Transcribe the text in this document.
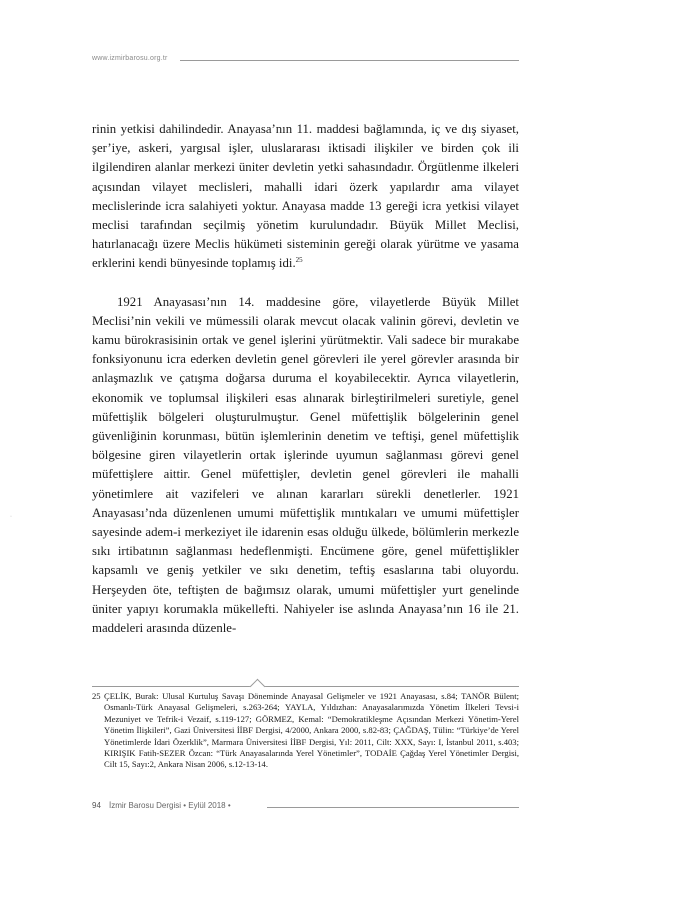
www.izmirbarosu.org.tr

rinin yetkisi dahilindedir. Anayasa’nın 11. maddesi bağlamında, iç ve dış siyaset, şer’iye, askeri, yargısal işler, uluslararası iktisadi ilişkiler ve birden çok ili ilgilendiren alanlar merkezi üniter devletin yetki sahasındadır. Örgütlenme ilkeleri açısından vilayet meclisleri, mahalli idari özerk yapılardır ama vilayet meclislerinde icra salahiyeti yoktur. Anayasa madde 13 gereği icra yetkisi vilayet meclisi tarafından seçilmiş yönetim kurulundadır. Büyük Millet Meclisi, hatırlanacağı üzere Meclis hükümeti sisteminin gereği olarak yürütme ve yasama erklerini kendi bünyesinde toplamış idi.$^{25}$

1921 Anayasası’nın 14. maddesine göre, vilayetlerde Büyük Millet Meclisi’nin vekili ve mümessili olarak mevcut olacak valinin görevi, devletin ve kamu bürokrasisinin ortak ve genel işlerini yürütmektir. Vali sadece bir murakabe fonksiyonunu icra ederken devletin genel görevleri ile yerel görevler arasında bir anlaşmazlık ve çatışma doğarsa duruma el koyabilecektir. Ayrıca vilayetlerin, ekonomik ve toplumsal ilişkileri esas alınarak birleştirilmeleri suretiyle, genel müfettişlik bölgeleri oluşturulmuştur. Genel müfettişlik bölgelerinin genel güvenliğinin korunması, bütün işlemlerinin denetim ve teftişi, genel müfettişlik bölgesine giren vilayetlerin ortak işlerinde uyumun sağlanması görevi genel müfettişlere aittir. Genel müfettişler, devletin genel görevleri ile mahalli yönetimlere ait vazifeleri ve alınan kararları sürekli denetlerler. 1921 Anayasası’nda düzenlenen umumi müfettişlik mıntıkaları ve umumi müfettişler sayesinde adem-i merkeziyet ile idarenin esas olduğu ülkede, bölümlerin merkezle sıkı irtibatının sağlanması hedeflenmişti. Encümene göre, genel müfettişlikler kapsamlı ve geniş yetkiler ve sıkı denetim, teftiş esaslarına tabi oluyordu. Herşeyden öte, teftişten de bağımsız olarak, umumi müfettişler yurt genelinde üniter yapıyı korumakla mükellefti. Nahiyeler ise aslında Anayasa’nın 16 ile 21. maddeleri arasında düzenle-

25 ÇELİK, Burak: Ulusal Kurtuluş Savaşı Döneminde Anayasal Gelişmeler ve 1921 Anayasası, s.84; TANÖR Bülent; Osmanlı-Türk Anayasal Gelişmeleri, s.263-264; YAYLA, Yıldızhan: Anayasalarımızda Yönetim İlkeleri Tevsi-i Mezuniyet ve Tefrik-i Vezaif, s.119-127; GÖRMEZ, Kemal: “Demokratikleşme Açısından Merkezi Yönetim-Yerel Yönetim İlişkileri”, Gazi Üniversitesi İİBF Dergisi, 4/2000, Ankara 2000, s.82-83; ÇAĞDAŞ, Tülin: “Türkiye’de Yerel Yönetimlerde İdari Özerklik”, Marmara Üniversitesi İİBF Dergisi, Yıl: 2011, Cilt: XXX, Sayı: I, İstanbul 2011, s.403; KIRIŞIK Fatih-SEZER Özcan: “Türk Anayasalarında Yerel Yönetimler”, TODAİE Çağdaş Yerel Yönetimler Dergisi, Cilt 15, Sayı:2, Ankara Nisan 2006, s.12-13-14.
94 İzmir Barosu Dergisi • Eylül 2018 •
·
